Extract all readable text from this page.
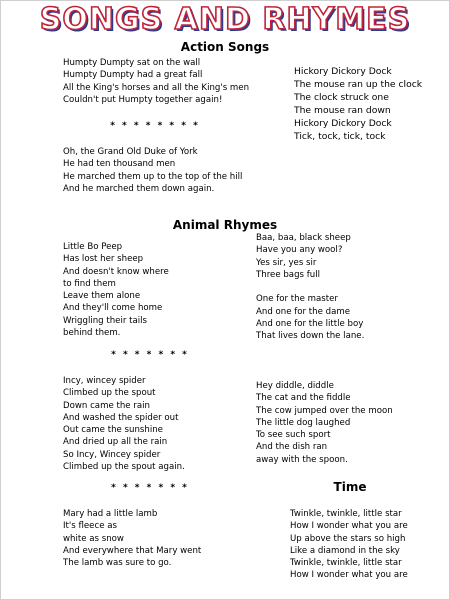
SONGS AND RHYMES
Action Songs
Humpty Dumpty sat on the wall
Humpty Dumpty had a great fall
All the King's horses and all the King's men
Couldn't put Humpty together again!
Hickory Dickory Dock
The mouse ran up the clock
The clock struck one
The mouse ran down
Hickory Dickory Dock
Tick, tock, tick, tock
* * * * * * * *
Oh, the Grand Old Duke of York
He had ten thousand men
He marched them up to the top of the hill
And he marched them down again.
Animal Rhymes
Little Bo Peep
Has lost her sheep
And doesn't know where
to find them
Leave them alone
And they'll come home
Wriggling their tails
behind them.
Baa, baa, black sheep
Have you any wool?
Yes sir, yes sir
Three bags full
One for the master
And one for the dame
And one for the little boy
That lives down the lane.
* * * * * * *
Incy, wincey spider
Climbed up the spout
Down came the rain
And washed the spider out
Out came the sunshine
And dried up all the rain
So Incy, Wincey spider
Climbed up the spout again.
Hey diddle, diddle
The cat and the fiddle
The cow jumped over the moon
The little dog laughed
To see such sport
And the dish ran
away with the spoon.
* * * * * * *	Time
Mary had a little lamb
It's fleece as
white as snow
And everywhere that Mary went
The lamb was sure to go.
Twinkle, twinkle, little star
How I wonder what you are
Up above the stars so high
Like a diamond in the sky
Twinkle, twinkle, little star
How I wonder what you are
